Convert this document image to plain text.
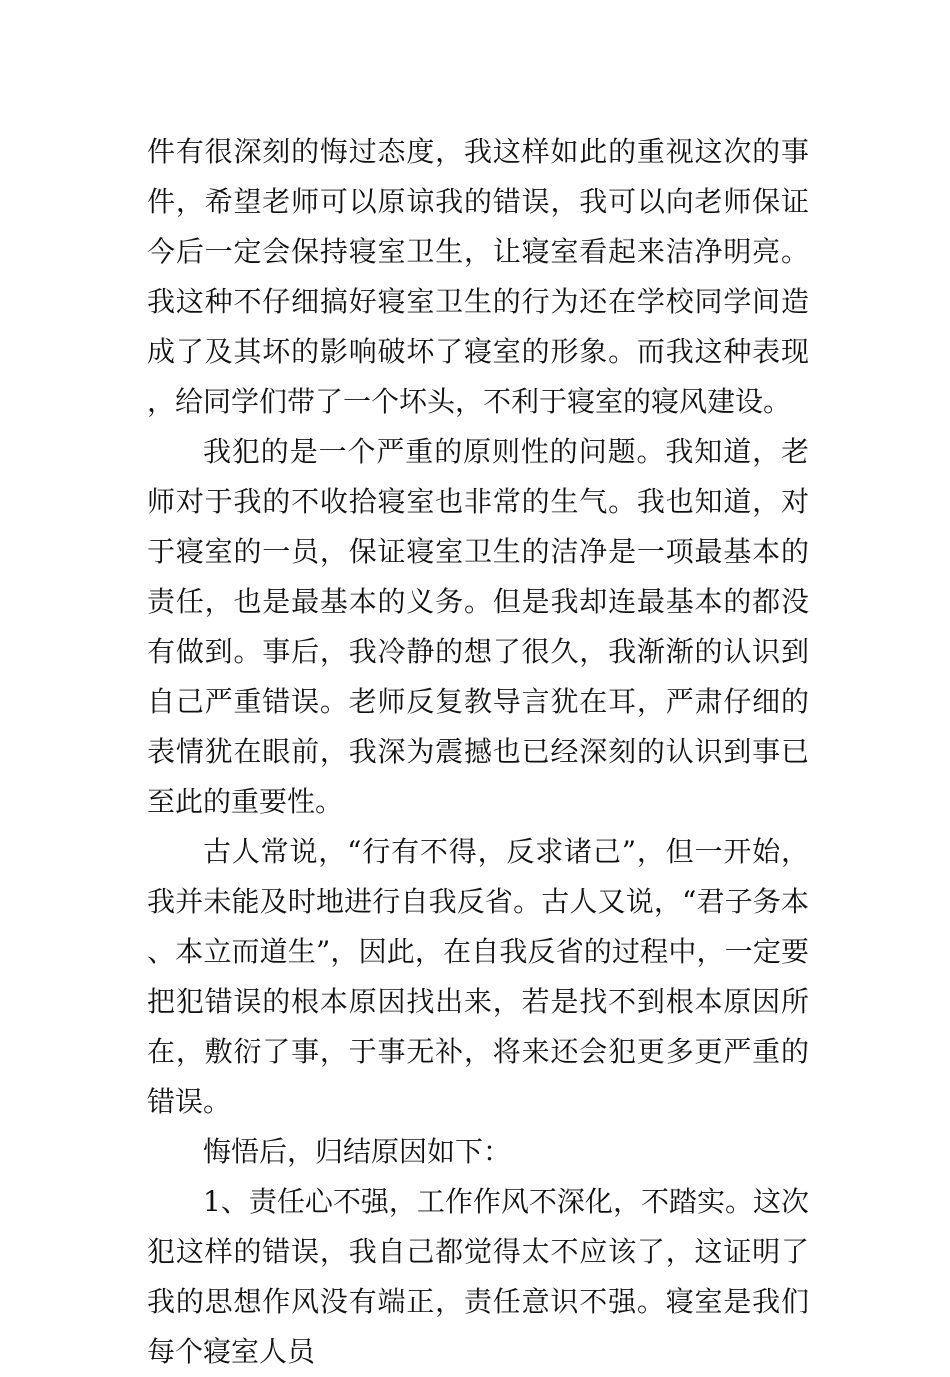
件有很深刻的悔过态度，我这样如此的重视这次的事件，希望老师可以原谅我的错误，我可以向老师保证今后一定会保持寝室卫生，让寝室看起来洁净明亮。我这种不仔细搞好寝室卫生的行为还在学校同学间造成了及其坏的影响破坏了寝室的形象。而我这种表现，给同学们带了一个坏头，不利于寝室的寝风建设。

我犯的是一个严重的原则性的问题。我知道，老师对于我的不收拾寝室也非常的生气。我也知道，对于寝室的一员，保证寝室卫生的洁净是一项最基本的责任，也是最基本的义务。但是我却连最基本的都没有做到。事后，我冷静的想了很久，我渐渐的认识到自己严重错误。老师反复教导言犹在耳，严肃仔细的表情犹在眼前，我深为震撼也已经深刻的认识到事已至此的重要性。

古人常说，“行有不得，反求诸己”，但一开始，我并未能及时地进行自我反省。古人又说，“君子务本、本立而道生”，因此，在自我反省的过程中，一定要把犯错误的根本原因找出来，若是找不到根本原因所在，敷衍了事，于事无补，将来还会犯更多更严重的错误。

悔悟后，归结原因如下：

1、责任心不强，工作作风不深化，不踏实。这次犯这样的错误，我自己都觉得太不应该了，这证明了我的思想作风没有端正，责任意识不强。寝室是我们每个寝室人员
